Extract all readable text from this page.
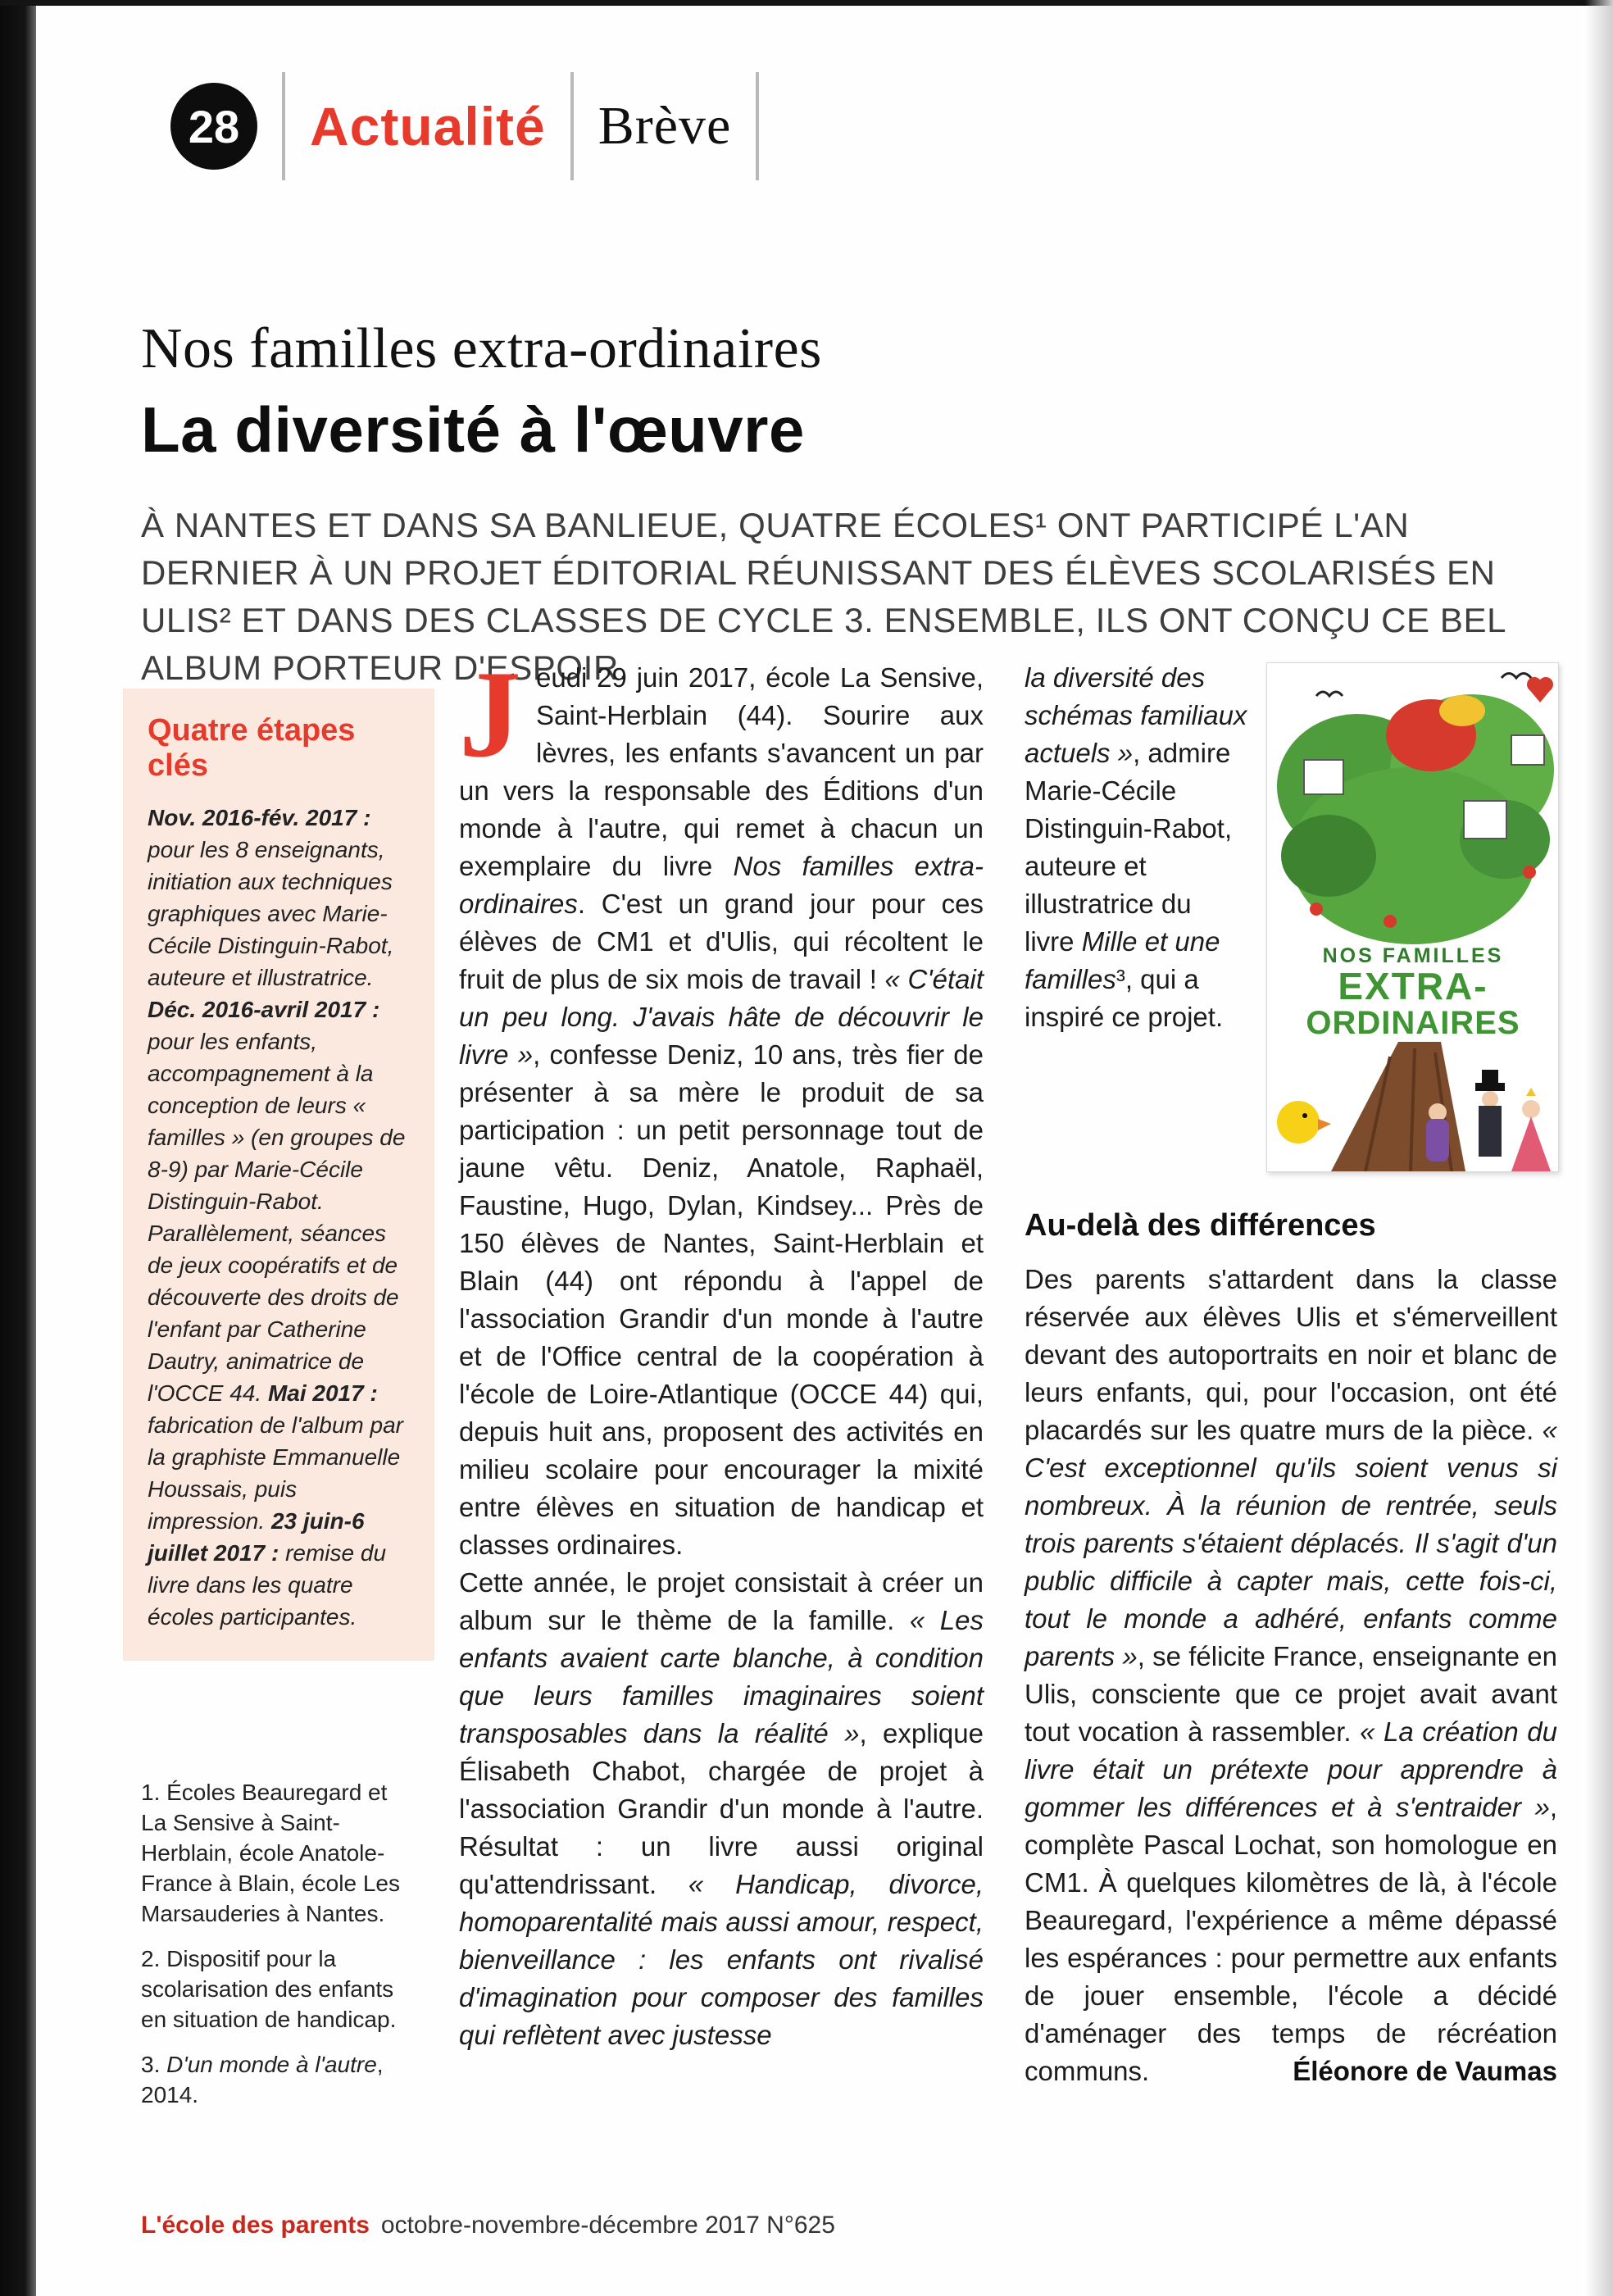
28 Actualité Brève
Nos familles extra-ordinaires
La diversité à l'œuvre
À NANTES ET DANS SA BANLIEUE, QUATRE ÉCOLES¹ ONT PARTICIPÉ L'AN DERNIER À UN PROJET ÉDITORIAL RÉUNISSANT DES ÉLÈVES SCOLARISÉS EN ULIS² ET DANS DES CLASSES DE CYCLE 3. ENSEMBLE, ILS ONT CONÇU CE BEL ALBUM PORTEUR D'ESPOIR.
Quatre étapes clés
Nov. 2016-fév. 2017 : pour les 8 enseignants, initiation aux techniques graphiques avec Marie-Cécile Distinguin-Rabot, auteure et illustratrice. Déc. 2016-avril 2017 : pour les enfants, accompagnement à la conception de leurs « familles » (en groupes de 8-9) par Marie-Cécile Distinguin-Rabot. Parallèlement, séances de jeux coopératifs et de découverte des droits de l'enfant par Catherine Dautry, animatrice de l'OCCE 44. Mai 2017 : fabrication de l'album par la graphiste Emmanuelle Houssais, puis impression. 23 juin-6 juillet 2017 : remise du livre dans les quatre écoles participantes.
1. Écoles Beauregard et La Sensive à Saint-Herblain, école Anatole-France à Blain, école Les Marsauderies à Nantes.
2. Dispositif pour la scolarisation des enfants en situation de handicap.
3. D'un monde à l'autre, 2014.

Jeudi 29 juin 2017, école La Sensive, Saint-Herblain (44). Sourire aux lèvres, les enfants s'avancent un par un vers la responsable des Éditions d'un monde à l'autre, qui remet à chacun un exemplaire du livre Nos familles extra-ordinaires. C'est un grand jour pour ces élèves de CM1 et d'Ulis, qui récoltent le fruit de plus de six mois de travail ! « C'était un peu long. J'avais hâte de découvrir le livre », confesse Deniz, 10 ans, très fier de présenter à sa mère le produit de sa participation : un petit personnage tout de jaune vêtu. Deniz, Anatole, Raphaël, Faustine, Hugo, Dylan, Kindsey... Près de 150 élèves de Nantes, Saint-Herblain et Blain (44) ont répondu à l'appel de l'association Grandir d'un monde à l'autre et de l'Office central de la coopération à l'école de Loire-Atlantique (OCCE 44) qui, depuis huit ans, proposent des activités en milieu scolaire pour encourager la mixité entre élèves en situation de handicap et classes ordinaires.

Cette année, le projet consistait à créer un album sur le thème de la famille. « Les enfants avaient carte blanche, à condition que leurs familles imaginaires soient transposables dans la réalité », explique Élisabeth Chabot, chargée de projet à l'association Grandir d'un monde à l'autre. Résultat : un livre aussi original qu'attendrissant. « Handicap, divorce, homoparentalité mais aussi amour, respect, bienveillance : les enfants ont rivalisé d'imagination pour composer des familles qui reflètent avec justesse

la diversité des schémas familiaux actuels », admire Marie-Cécile Distinguin-Rabot, auteure et illustratrice du livre Mille et une familles³, qui a inspiré ce projet.
Au-delà des différences
Des parents s'attardent dans la classe réservée aux élèves Ulis et s'émerveillent devant des autoportraits en noir et blanc de leurs enfants, qui, pour l'occasion, ont été placardés sur les quatre murs de la pièce. « C'est exceptionnel qu'ils soient venus si nombreux. À la réunion de rentrée, seuls trois parents s'étaient déplacés. Il s'agit d'un public difficile à capter mais, cette fois-ci, tout le monde a adhéré, enfants comme parents », se félicite France, enseignante en Ulis, consciente que ce projet avait avant tout vocation à rassembler. « La création du livre était un prétexte pour apprendre à gommer les différences et à s'entraider », complète Pascal Lochat, son homologue en CM1. À quelques kilomètres de là, à l'école Beauregard, l'expérience a même dépassé les espérances : pour permettre aux enfants de jouer ensemble, l'école a décidé d'aménager des temps de récréation communs.	Éléonore de Vaumas
NOS FAMILLES
EXTRA-
ORDINAIRES
L'école des parents octobre-novembre-décembre 2017 N°625
